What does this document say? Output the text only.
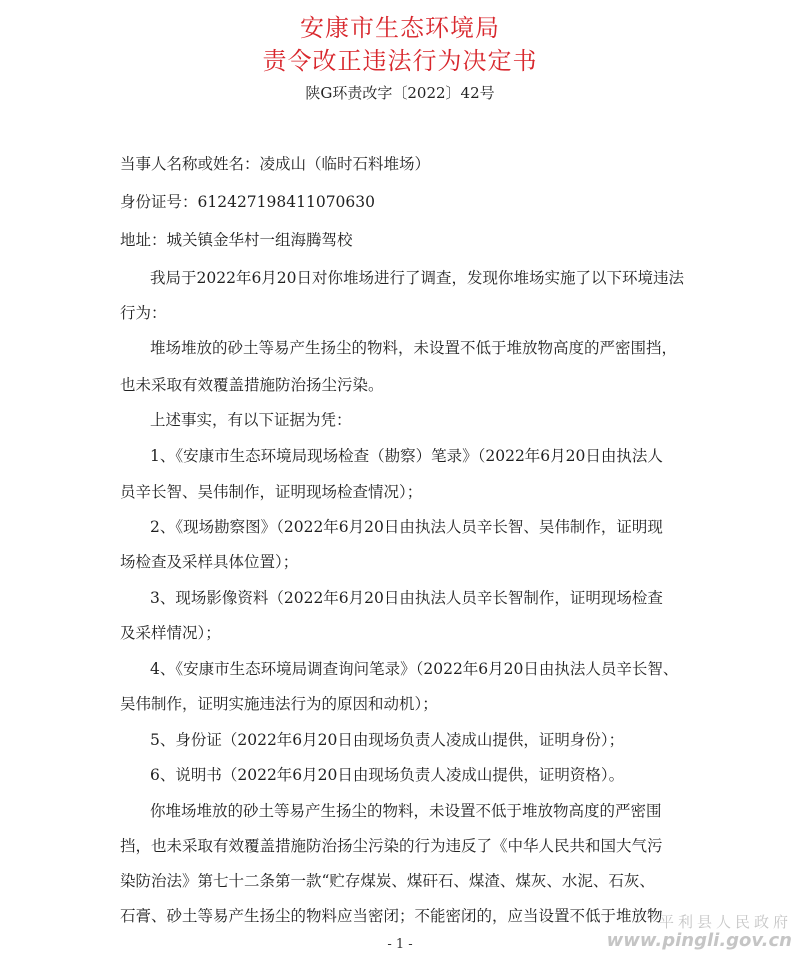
安康市生态环境局
责令改正违法行为决定书
陕G环责改字〔2022〕42号
当事人名称或姓名：凌成山（临时石料堆场）
身份证号：612427198411070630
地址：城关镇金华村一组海腾驾校
我局于2022年6月20日对你堆场进行了调查，发现你堆场实施了以下环境违法
行为：
堆场堆放的砂土等易产生扬尘的物料，未设置不低于堆放物高度的严密围挡，
也未采取有效覆盖措施防治扬尘污染。
上述事实，有以下证据为凭：
1、《安康市生态环境局现场检查（勘察）笔录》（2022年6月20日由执法人
员辛长智、吴伟制作，证明现场检查情况）；
2、《现场勘察图》（2022年6月20日由执法人员辛长智、吴伟制作，证明现
场检查及采样具体位置）；
3、现场影像资料（2022年6月20日由执法人员辛长智制作，证明现场检查
及采样情况）；
4、《安康市生态环境局调查询问笔录》（2022年6月20日由执法人员辛长智、
吴伟制作，证明实施违法行为的原因和动机）；
5、身份证（2022年6月20日由现场负责人凌成山提供，证明身份）；
6、说明书（2022年6月20日由现场负责人凌成山提供，证明资格）。
你堆场堆放的砂土等易产生扬尘的物料，未设置不低于堆放物高度的严密围
挡，也未采取有效覆盖措施防治扬尘污染的行为违反了《中华人民共和国大气污
染防治法》第七十二条第一款“贮存煤炭、煤矸石、煤渣、煤灰、水泥、石灰、
石膏、砂土等易产生扬尘的物料应当密闭；不能密闭的，应当设置不低于堆放物
- 1 -
平利县人民政府
www.pingli.gov.cn
